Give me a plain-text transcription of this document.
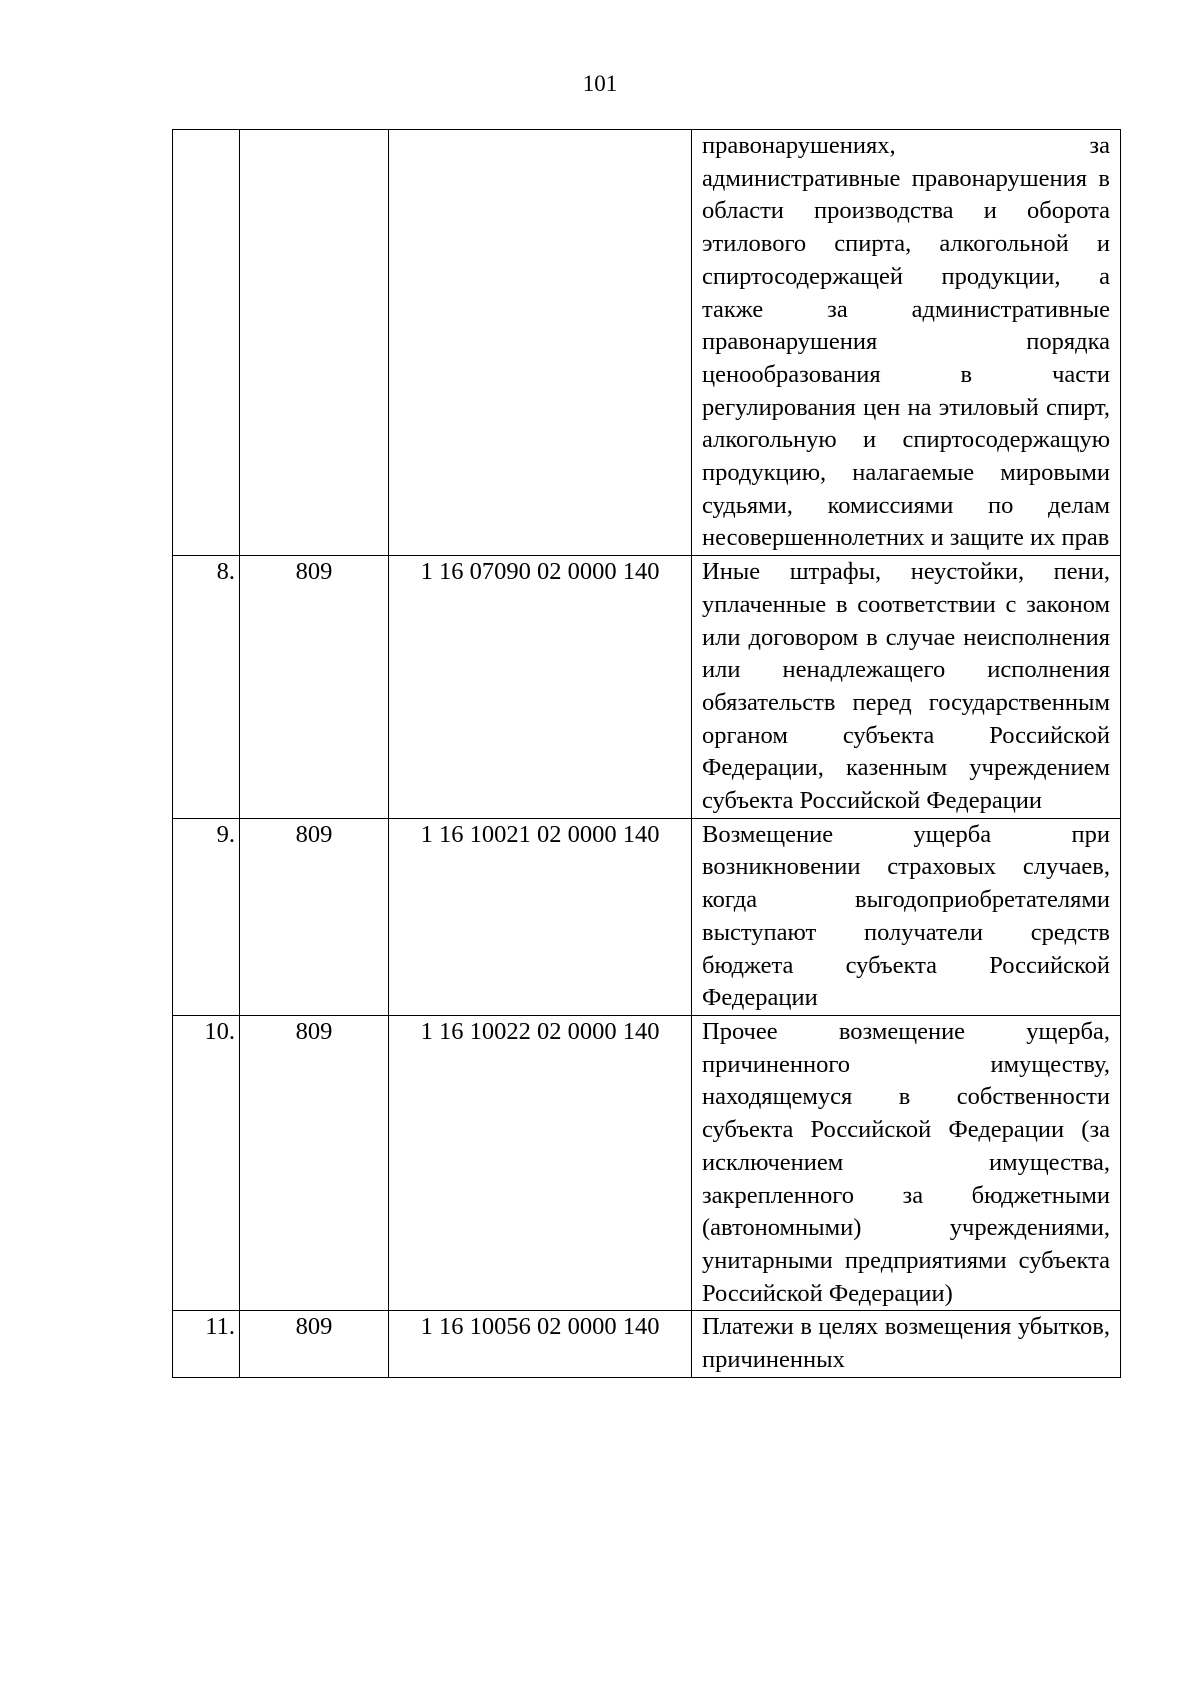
101

			правонарушениях, за административные правонарушения в области производства и оборота этилового спирта, алкогольной и спиртосодержащей продукции, а также за административные правонарушения порядка ценообразования в части регулирования цен на этиловый спирт, алкогольную и спиртосодержащую продукцию, налагаемые мировыми судьями, комиссиями по делам несовершеннолетних и защите их прав

8.	809	1 16 07090 02 0000 140	Иные штрафы, неустойки, пени, уплаченные в соответствии с законом или договором в случае неисполнения или ненадлежащего исполнения обязательств перед государственным органом субъекта Российской Федерации, казенным учреждением субъекта Российской Федерации

9.	809	1 16 10021 02 0000 140	Возмещение ущерба при возникновении страховых случаев, когда выгодоприобретателями выступают получатели средств бюджета субъекта Российской Федерации

10.	809	1 16 10022 02 0000 140	Прочее возмещение ущерба, причиненного имуществу, находящемуся в собственности субъекта Российской Федерации (за исключением имущества, закрепленного за бюджетными (автономными) учреждениями, унитарными предприятиями субъекта Российской Федерации)

11.	809	1 16 10056 02 0000 140	Платежи в целях возмещения убытков, причиненных
